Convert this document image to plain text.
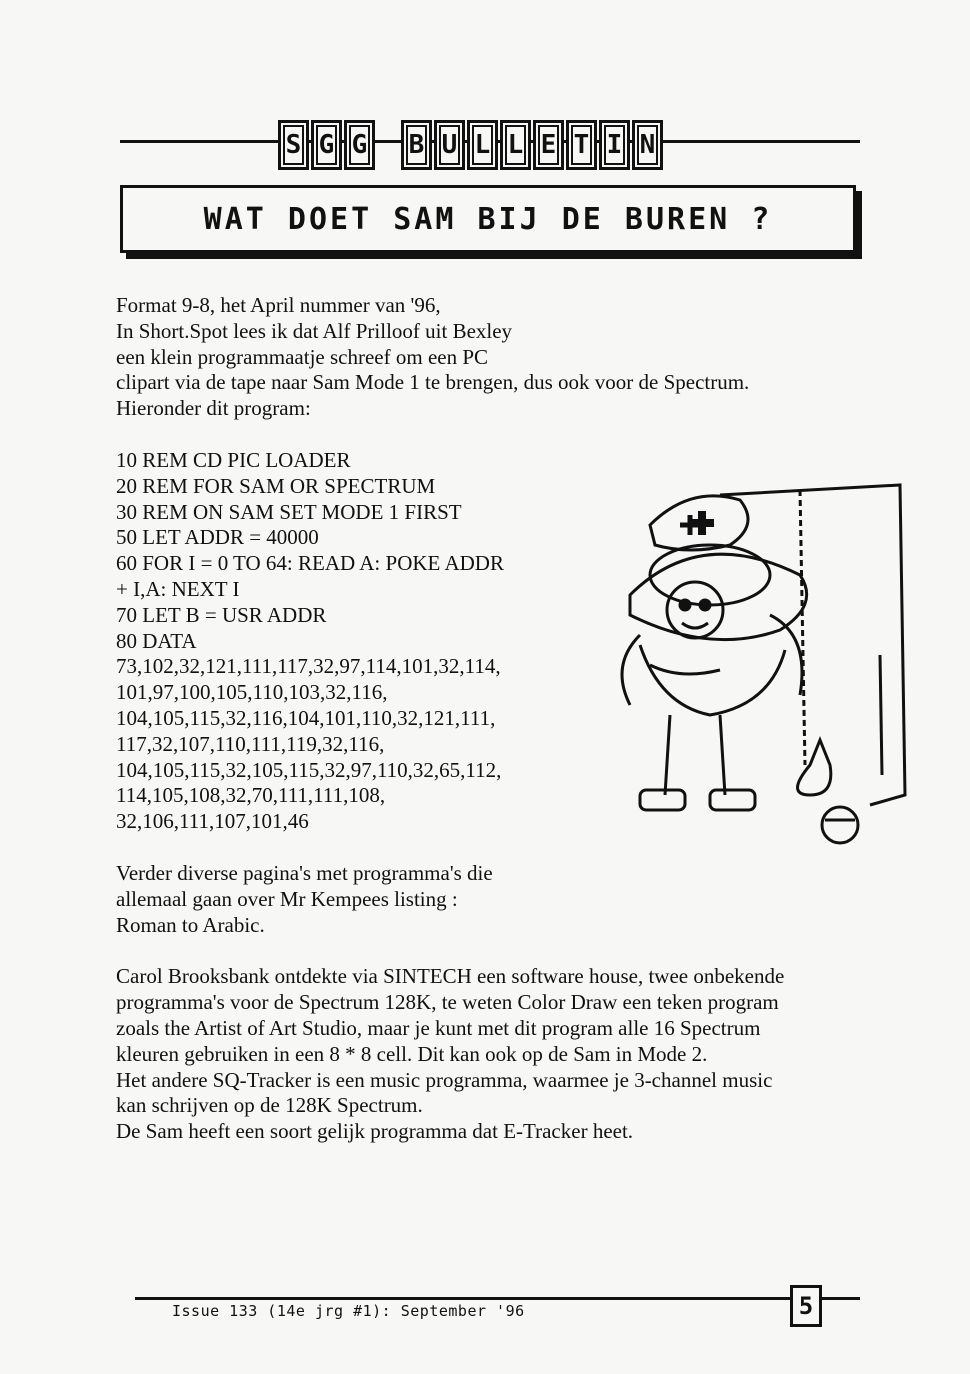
S G G B U L L E T I N
WAT DOET SAM BIJ DE BUREN ?

Format 9-8, het April nummer van '96,

In Short.Spot lees ik dat Alf Prilloof uit Bexley

een klein programmaatje schreef om een PC

clipart via de tape naar Sam Mode 1 te brengen, dus ook voor de Spectrum.

Hieronder dit program:

10 REM CD PIC LOADER
20 REM FOR SAM OR SPECTRUM
30 REM ON SAM SET MODE 1 FIRST
50 LET ADDR = 40000
60 FOR I = 0 TO 64: READ A: POKE ADDR
+ I,A: NEXT I
70 LET B = USR ADDR
80 DATA
73,102,32,121,111,117,32,97,114,101,32,114,
101,97,100,105,110,103,32,116,
104,105,115,32,116,104,101,110,32,121,111,
117,32,107,110,111,119,32,116,
104,105,115,32,105,115,32,97,110,32,65,112,
114,105,108,32,70,111,111,108,
32,106,111,107,101,46

Verder diverse pagina's met programma's die

allemaal gaan over Mr Kempees listing :

Roman to Arabic.

Carol Brooksbank ontdekte via SINTECH een software house, twee onbekende

programma's voor de Spectrum 128K, te weten Color Draw een teken program

zoals the Artist of Art Studio, maar je kunt met dit program alle 16 Spectrum

kleuren gebruiken in een 8 * 8 cell. Dit kan ook op de Sam in Mode 2.

Het andere SQ-Tracker is een music programma, waarmee je 3-channel music

kan schrijven op de 128K Spectrum.

De Sam heeft een soort gelijk programma dat E-Tracker heet.

Issue 133 (14e jrg #1): September '96	5
